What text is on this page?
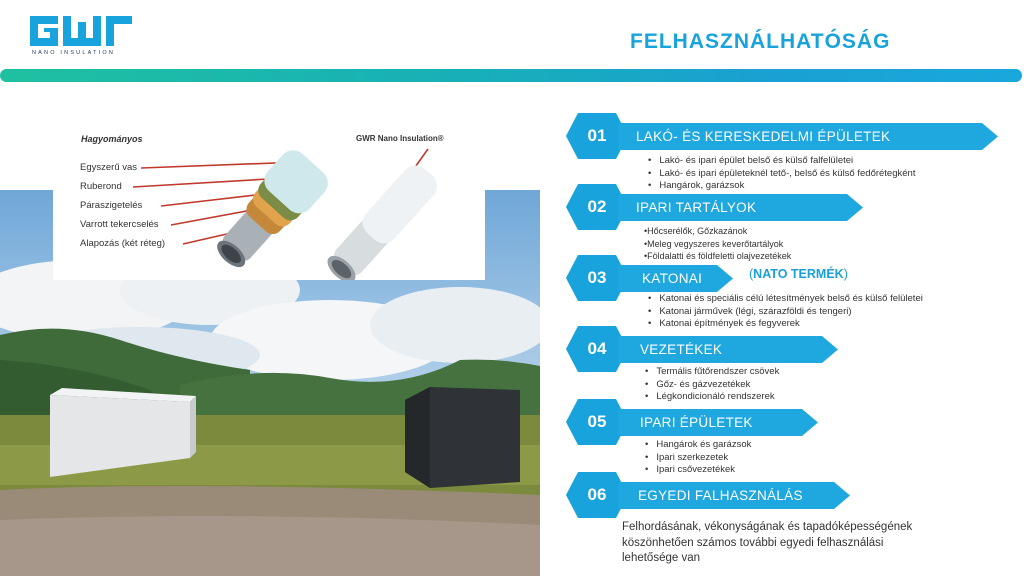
NANO INSULATION	FELHASZNÁLHATÓSÁG
Hagyományos	GWR Nano Insulation®
Egyszerű vas
Ruberond
Páraszigetelés
Varrott tekercselés
Alapozás (két réteg)
01	LAKÓ- ÉS KERESKEDELMI ÉPÜLETEK
• Lakó- és ipari épület belső és külső falfelületei
• Lakó- és ipari épületeknél tető-, belső és külső fedőrétegként
• Hangárok, garázsok
02	IPARI TARTÁLYOK
•Hőcserélők, Gőzkazánok
•Meleg vegyszeres keverőtartályok
•Földalatti és földfeletti olajvezetékek
03	KATONAI	(NATO TERMÉK)
• Katonai és speciális célú létesítmények belső és külső felületei
• Katonai járművek (légi, szárazföldi és tengeri)
• Katonai építmények és fegyverek
04	VEZETÉKEK
• Termális fűtőrendszer csövek
• Gőz- és gázvezetékek
• Légkondicionáló rendszerek
05	IPARI ÉPÜLETEK
• Hangárok és garázsok
• Ipari szerkezetek
• Ipari csővezetékek
06	EGYEDI FALHASZNÁLÁS
Felhordásának, vékonyságának és tapadóképességének köszönhetően számos további egyedi felhasználási lehetősége van
